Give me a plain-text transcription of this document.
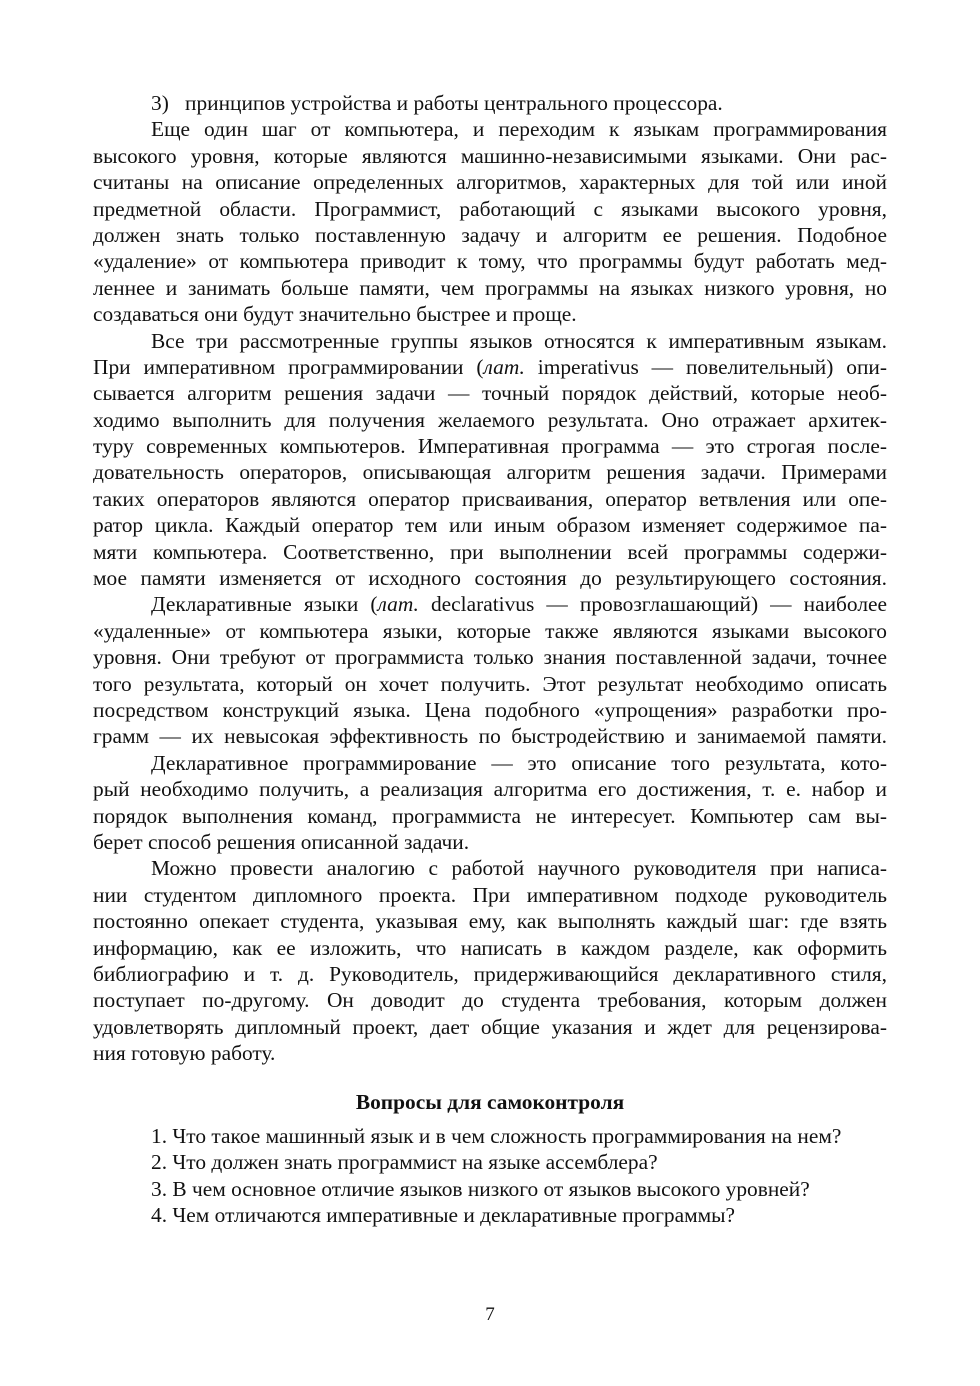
3) принципов устройства и работы центрального процессора.
Еще один шаг от компьютера, и переходим к языкам программирования
высокого уровня, которые являются машинно-независимыми языками. Они рас-
считаны на описание определенных алгоритмов, характерных для той или иной
предметной области. Программист, работающий с языками высокого уровня,
должен знать только поставленную задачу и алгоритм ее решения. Подобное
«удаление» от компьютера приводит к тому, что программы будут работать мед-
леннее и занимать больше памяти, чем программы на языках низкого уровня, но
создаваться они будут значительно быстрее и проще.
Все три рассмотренные группы языков относятся к императивным языкам.
При императивном программировании (лат. imperativus — повелительный) опи-
сывается алгоритм решения задачи — точный порядок действий, которые необ-
ходимо выполнить для получения желаемого результата. Оно отражает архитек-
туру современных компьютеров. Императивная программа — это строгая после-
довательность операторов, описывающая алгоритм решения задачи. Примерами
таких операторов являются оператор присваивания, оператор ветвления или опе-
ратор цикла. Каждый оператор тем или иным образом изменяет содержимое па-
мяти компьютера. Соответственно, при выполнении всей программы содержи-
мое памяти изменяется от исходного состояния до результирующего состояния.
Декларативные языки (лат. declarativus — провозглашающий) — наиболее
«удаленные» от компьютера языки, которые также являются языками высокого
уровня. Они требуют от программиста только знания поставленной задачи, точнее
того результата, который он хочет получить. Этот результат необходимо описать
посредством конструкций языка. Цена подобного «упрощения» разработки про-
грамм — их невысокая эффективность по быстродействию и занимаемой памяти.
Декларативное программирование — это описание того результата, кото-
рый необходимо получить, а реализация алгоритма его достижения, т. е. набор и
порядок выполнения команд, программиста не интересует. Компьютер сам вы-
берет способ решения описанной задачи.
Можно провести аналогию с работой научного руководителя при написа-
нии студентом дипломного проекта. При императивном подходе руководитель
постоянно опекает студента, указывая ему, как выполнять каждый шаг: где взять
информацию, как ее изложить, что написать в каждом разделе, как оформить
библиографию и т. д. Руководитель, придерживающийся декларативного стиля,
поступает по-другому. Он доводит до студента требования, которым должен
удовлетворять дипломный проект, дает общие указания и ждет для рецензирова-
ния готовую работу.
Вопросы для самоконтроля
1. Что такое машинный язык и в чем сложность программирования на нем?
2. Что должен знать программист на языке ассемблера?
3. В чем основное отличие языков низкого от языков высокого уровней?
4. Чем отличаются императивные и декларативные программы?
7
